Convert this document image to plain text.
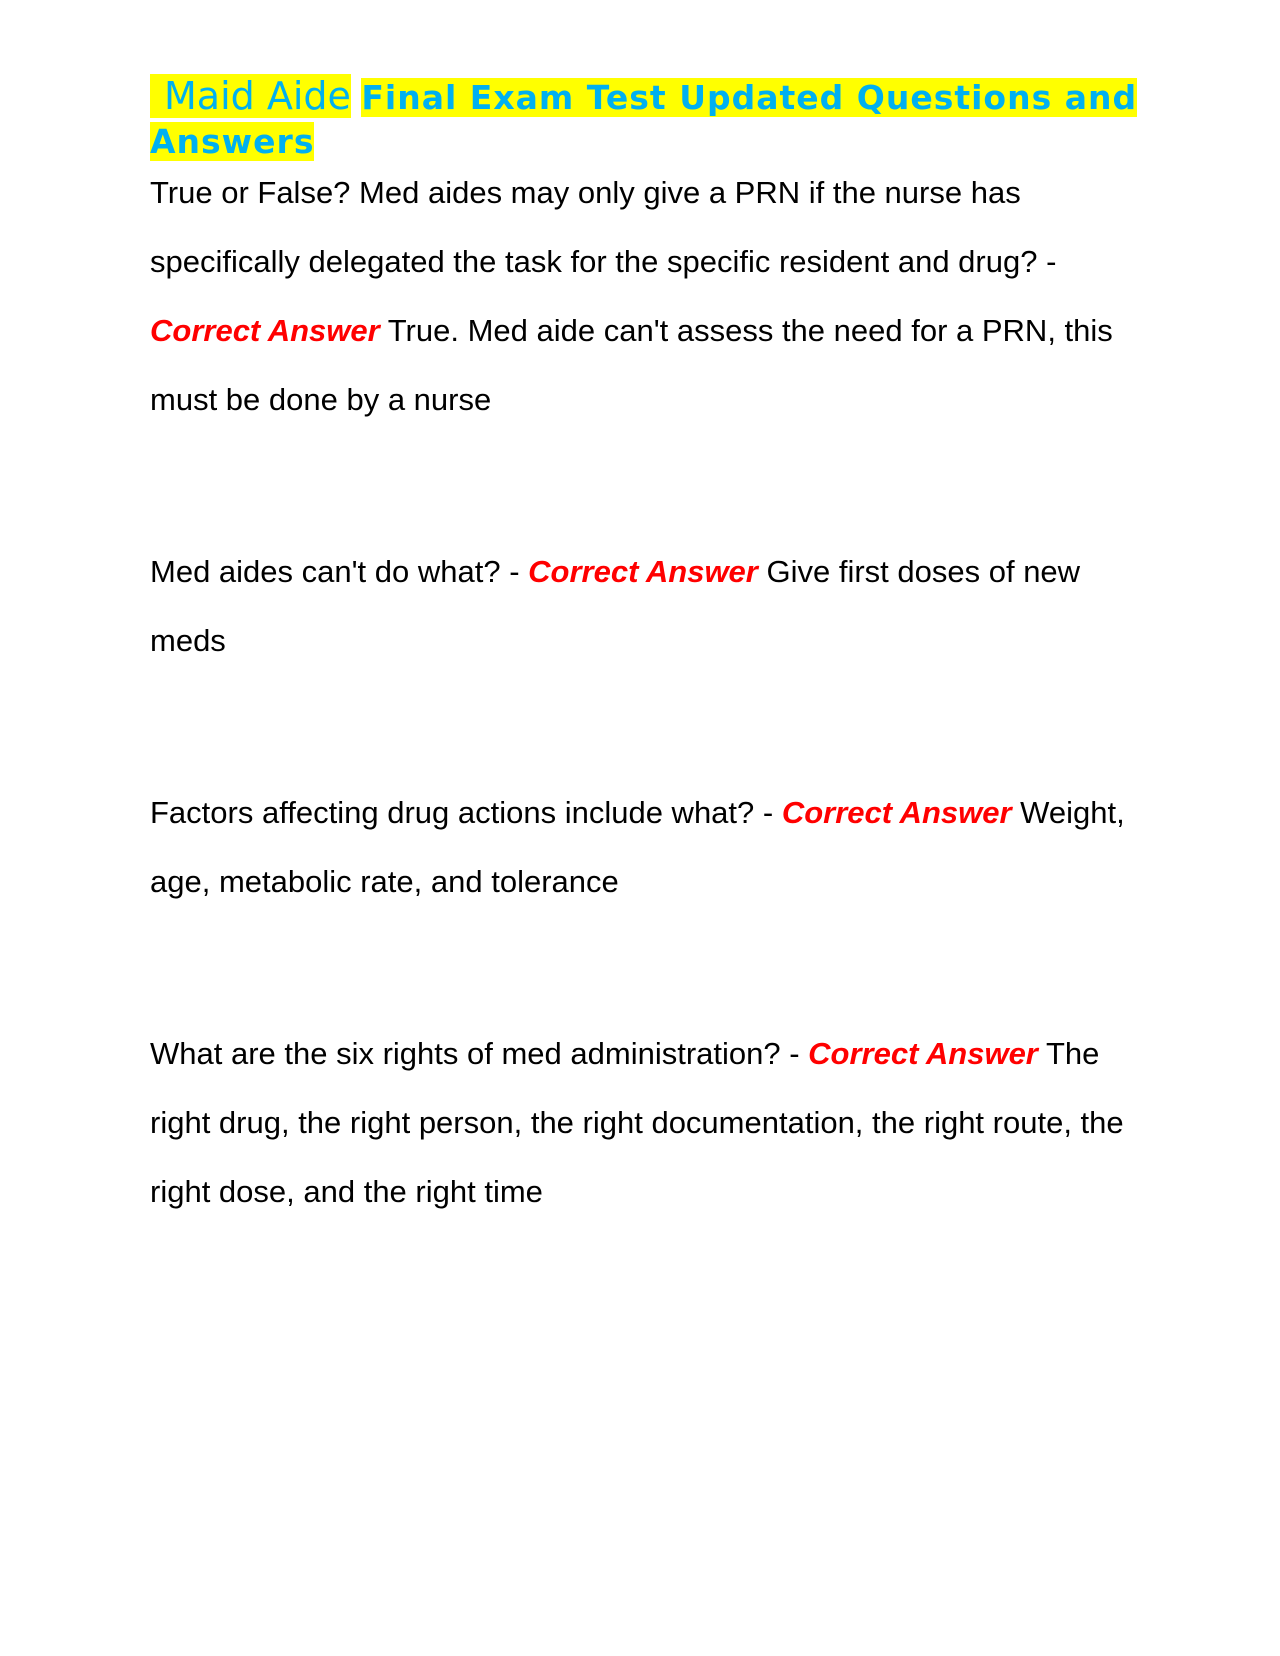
Maid Aide Final Exam Test Updated Questions and Answers

True or False? Med aides may only give a PRN if the nurse has specifically delegated the task for the specific resident and drug? - Correct Answer True. Med aide can't assess the need for a PRN, this must be done by a nurse

Med aides can't do what? - Correct Answer Give first doses of new meds

Factors affecting drug actions include what? - Correct Answer Weight, age, metabolic rate, and tolerance

What are the six rights of med administration? - Correct Answer The right drug, the right person, the right documentation, the right route, the right dose, and the right time
